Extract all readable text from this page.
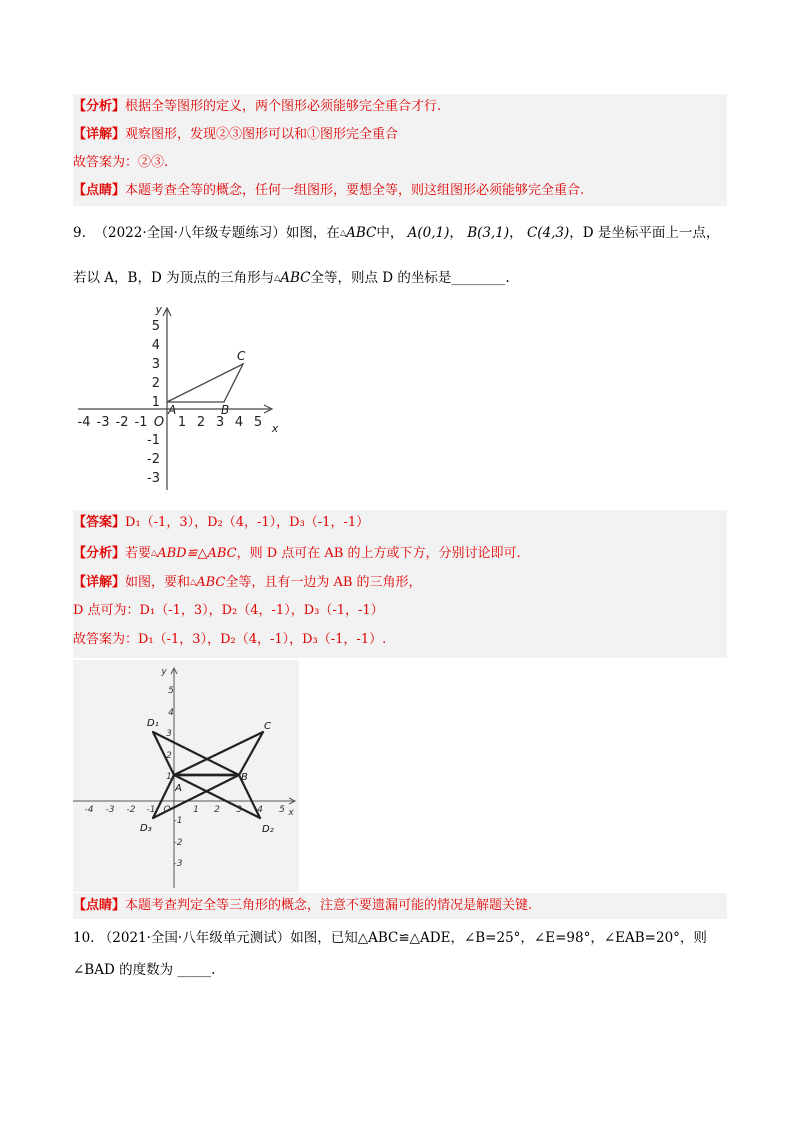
【分析】根据全等图形的定义，两个图形必须能够完全重合才行.
【详解】观察图形，发现②③图形可以和①图形完全重合
故答案为：②③.
【点睛】本题考查全等的概念，任何一组图形，要想全等，则这组图形必须能够完全重合.
9. （2022·全国·八年级专题练习）如图，在△ABC中， A(0,1)， B(3,1)， C(4,3)，D 是坐标平面上一点，
若以 A，B，D 为顶点的三角形与△ABC全等，则点 D 的坐标是________.
-4 -3 -2 -1 O 1 2 3 4 5 x
5
4
3
2
1
-1
-2
-3
y
A	B
C
【答案】D₁（-1，3），D₂（4，-1），D₃（-1，-1）
【分析】若要△ABD≌△ABC，则 D 点可在 AB 的上方或下方，分别讨论即可.
【详解】如图，要和△ABC全等，且有一边为 AB 的三角形，
D 点可为：D₁（-1，3），D₂（4，-1），D₃（-1，-1）
故答案为：D₁（-1，3），D₂（4，-1），D₃（-1，-1）.
-4 -3 -2 -1 O	1 2 3 4 5 x
5
4
3
2
1
-1
-2
-3
y
A
B
C
D₁
D₂
D₃
【点睛】本题考查判定全等三角形的概念，注意不要遗漏可能的情况是解题关键.
10. （2021·全国·八年级单元测试）如图，已知△ABC≌△ADE，∠B=25°，∠E=98°，∠EAB=20°，则
∠BAD 的度数为 _____.
